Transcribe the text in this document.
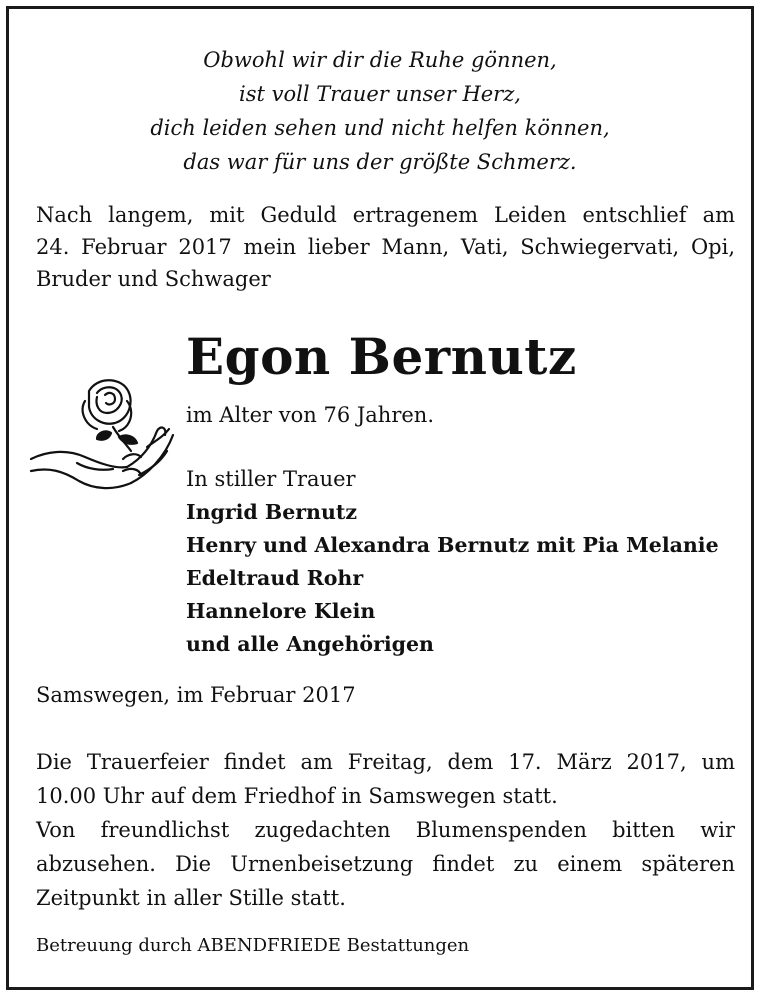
Obwohl wir dir die Ruhe gönnen,
ist voll Trauer unser Herz,
dich leiden sehen und nicht helfen können,
das war für uns der größte Schmerz.
Nach langem, mit Geduld ertragenem Leiden entschlief am
24. Februar 2017 mein lieber Mann, Vati, Schwiegervati, Opi,
Bruder und Schwager
Egon Bernutz
im Alter von 76 Jahren.
In stiller Trauer
Ingrid Bernutz
Henry und Alexandra Bernutz mit Pia Melanie
Edeltraud Rohr
Hannelore Klein
und alle Angehörigen
Samswegen, im Februar 2017
Die Trauerfeier findet am Freitag, dem 17. März 2017, um
10.00 Uhr auf dem Friedhof in Samswegen statt.
Von freundlichst zugedachten Blumenspenden bitten wir
abzusehen. Die Urnenbeisetzung findet zu einem späteren
Zeitpunkt in aller Stille statt.
Betreuung durch ABENDFRIEDE Bestattungen
